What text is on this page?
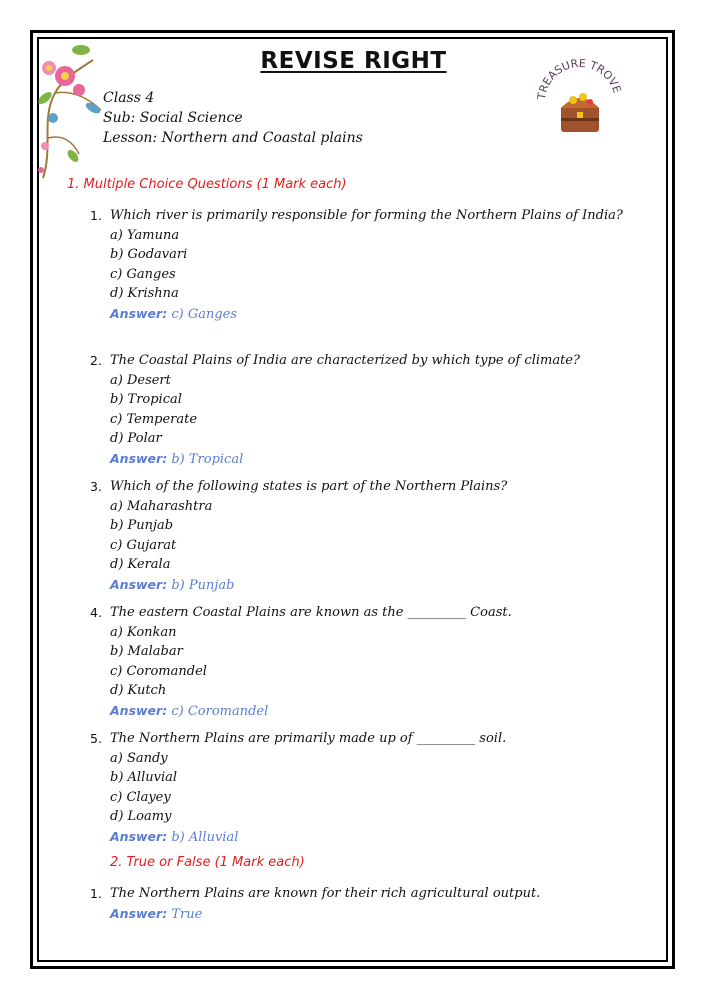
TREASURE TROVE
REVISE RIGHT
Class 4
Sub: Social Science
Lesson: Northern and Coastal plains
1. Multiple Choice Questions (1 Mark each)
1. Which river is primarily responsible for forming the Northern Plains of India?
a) Yamuna
b) Godavari
c) Ganges
d) Krishna
Answer: c) Ganges
2. The Coastal Plains of India are characterized by which type of climate?
a) Desert
b) Tropical
c) Temperate
d) Polar
Answer: b) Tropical
3. Which of the following states is part of the Northern Plains?
a) Maharashtra
b) Punjab
c) Gujarat
d) Kerala
Answer: b) Punjab
4. The eastern Coastal Plains are known as the _________ Coast.
a) Konkan
b) Malabar
c) Coromandel
d) Kutch
Answer: c) Coromandel
5. The Northern Plains are primarily made up of _________ soil.
a) Sandy
b) Alluvial
c) Clayey
d) Loamy
Answer: b) Alluvial
2. True or False (1 Mark each)
1. The Northern Plains are known for their rich agricultural output.
Answer: True
